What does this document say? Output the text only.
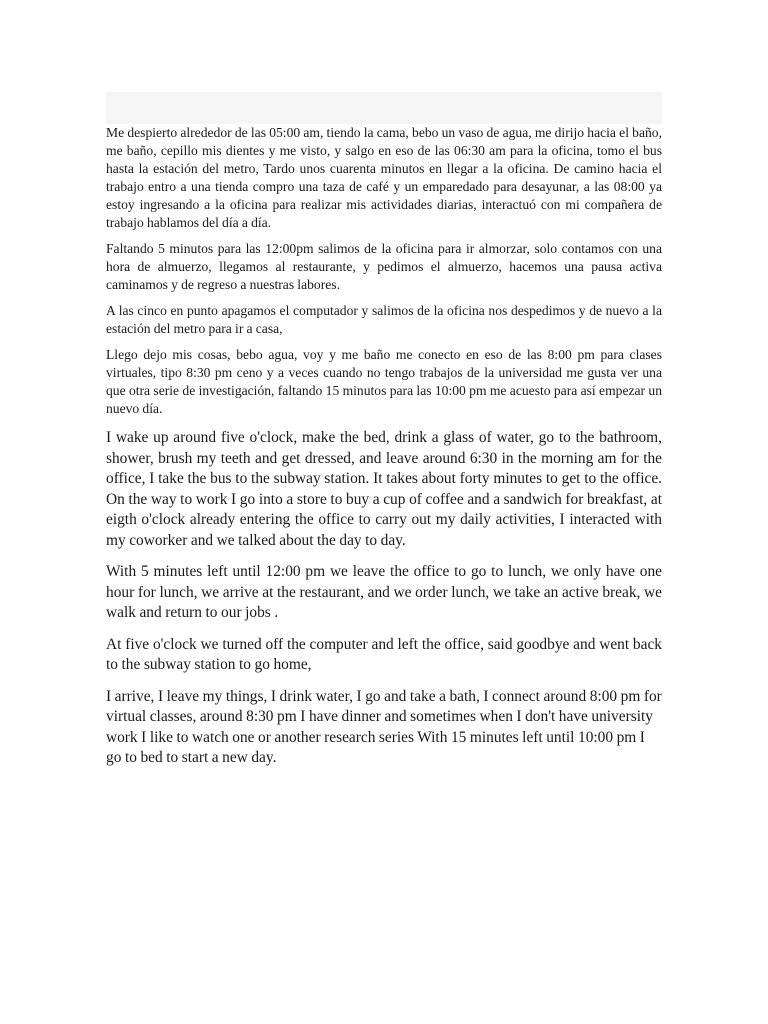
Me despierto alrededor de las 05:00 am, tiendo la cama, bebo un vaso de agua, me dirijo hacia el baño, me baño, cepillo mis dientes y me visto, y salgo en eso de las 06:30 am para la oficina, tomo el bus hasta la estación del metro, Tardo unos cuarenta minutos en llegar a la oficina. De camino hacia el trabajo entro a una tienda compro una taza de café y un emparedado para desayunar, a las 08:00 ya estoy ingresando a la oficina para realizar mis actividades diarias, interactuó con mi compañera de trabajo hablamos del día a día.

Faltando 5 minutos para las 12:00pm salimos de la oficina para ir almorzar, solo contamos con una hora de almuerzo, llegamos al restaurante, y pedimos el almuerzo, hacemos una pausa activa caminamos y de regreso a nuestras labores.

A las cinco en punto apagamos el computador y salimos de la oficina nos despedimos y de nuevo a la estación del metro para ir a casa,

Llego dejo mis cosas, bebo agua, voy y me baño me conecto en eso de las 8:00 pm para clases virtuales, tipo 8:30 pm ceno y a veces cuando no tengo trabajos de la universidad me gusta ver una que otra serie de investigación, faltando 15 minutos para las 10:00 pm me acuesto para así empezar un nuevo día.

I wake up around five o'clock, make the bed, drink a glass of water, go to the bathroom, shower, brush my teeth and get dressed, and leave around 6:30 in the morning am for the office, I take the bus to the subway station. It takes about forty minutes to get to the office. On the way to work I go into a store to buy a cup of coffee and a sandwich for breakfast, at eigth o'clock already entering the office to carry out my daily activities, I interacted with my coworker and we talked about the day to day.

With 5 minutes left until 12:00 pm we leave the office to go to lunch, we only have one hour for lunch, we arrive at the restaurant, and we order lunch, we take an active break, we walk and return to our jobs .

At five o'clock we turned off the computer and left the office, said goodbye and went back to the subway station to go home,

I arrive, I leave my things, I drink water, I go and take a bath, I connect around 8:00 pm for virtual classes, around 8:30 pm I have dinner and sometimes when I don't have university work I like to watch one or another research series With 15 minutes left until 10:00 pm I go to bed to start a new day.
